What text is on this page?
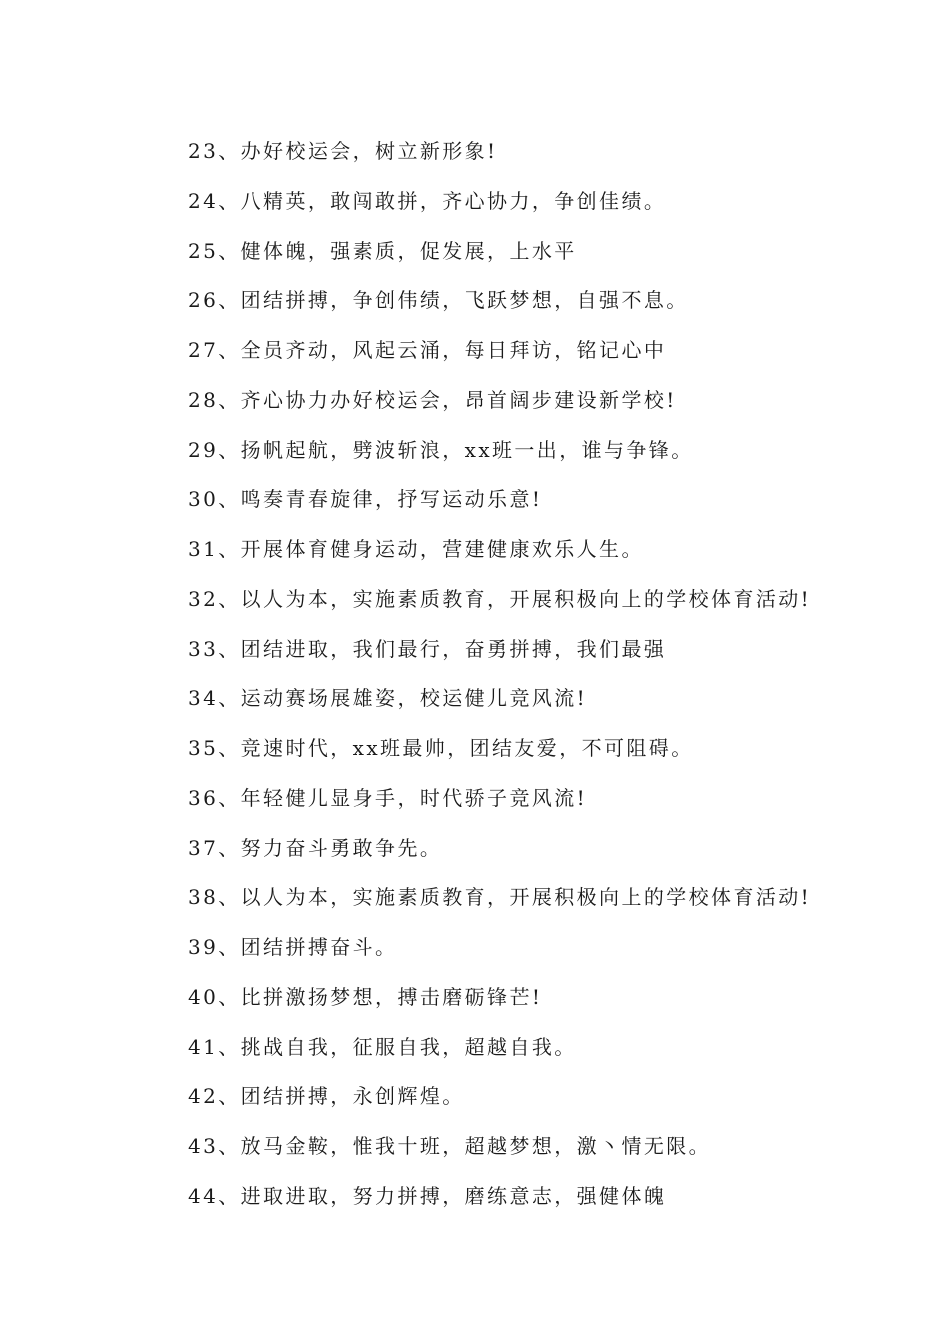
23、办好校运会，树立新形象!
24、八精英，敢闯敢拼，齐心协力，争创佳绩。
25、健体魄，强素质，促发展，上水平
26、团结拼搏，争创伟绩，飞跃梦想，自强不息。
27、全员齐动，风起云涌，每日拜访，铭记心中
28、齐心协力办好校运会，昂首阔步建设新学校!
29、扬帆起航，劈波斩浪，xx班一出，谁与争锋。
30、鸣奏青春旋律，抒写运动乐意!
31、开展体育健身运动，营建健康欢乐人生。
32、以人为本，实施素质教育，开展积极向上的学校体育活动!
33、团结进取，我们最行，奋勇拼搏，我们最强
34、运动赛场展雄姿，校运健儿竞风流!
35、竞速时代，xx班最帅，团结友爱，不可阻碍。
36、年轻健儿显身手，时代骄子竞风流!
37、努力奋斗勇敢争先。
38、以人为本，实施素质教育，开展积极向上的学校体育活动!
39、团结拼搏奋斗。
40、比拼激扬梦想，搏击磨砺锋芒!
41、挑战自我，征服自我，超越自我。
42、团结拼搏，永创辉煌。
43、放马金鞍，惟我十班，超越梦想，激丶情无限。
44、进取进取，努力拼搏，磨练意志，强健体魄
